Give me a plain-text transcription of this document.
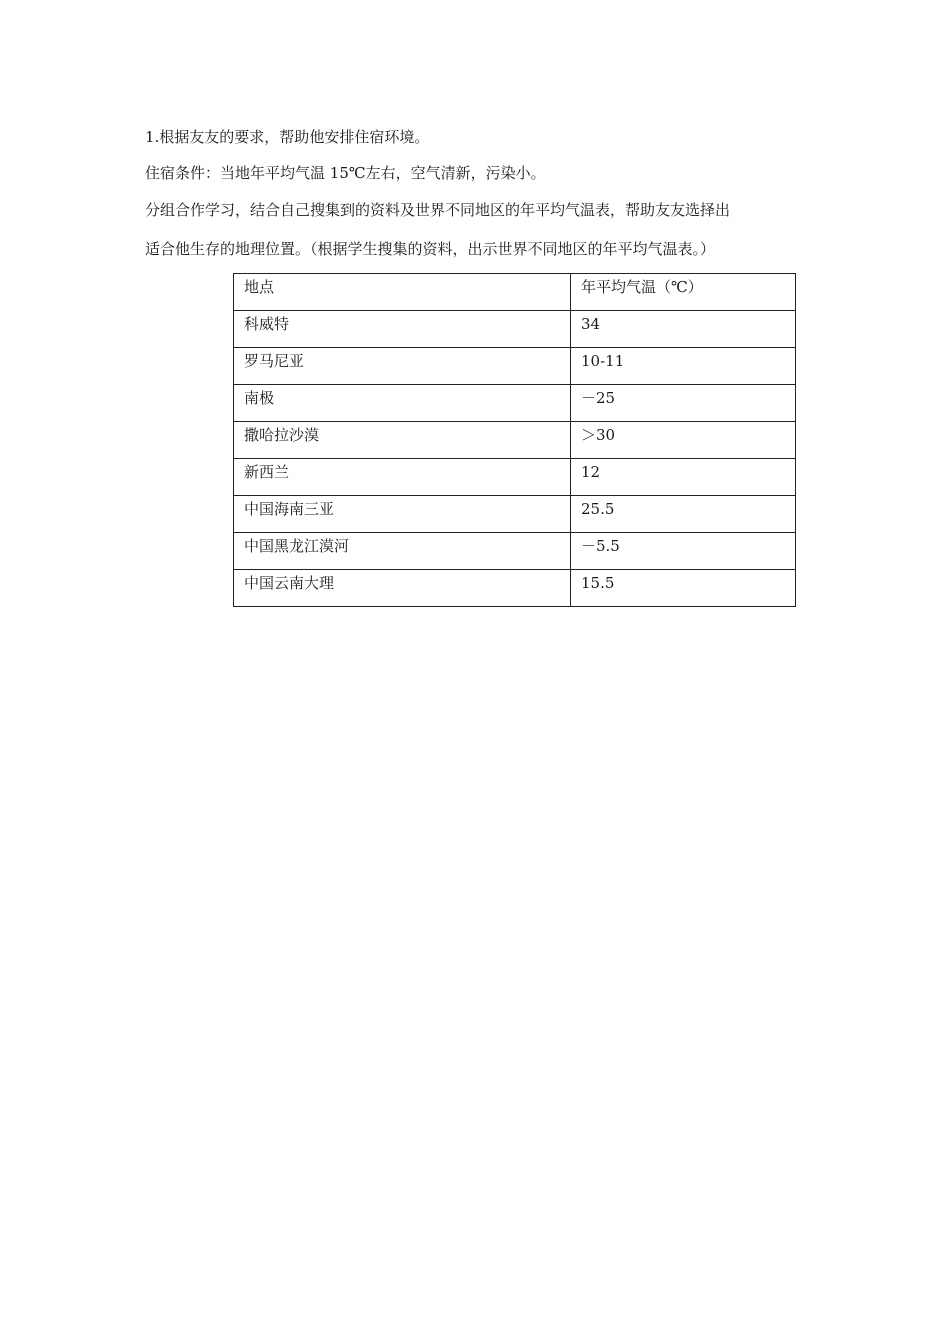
1.根据友友的要求，帮助他安排住宿环境。
住宿条件：当地年平均气温 15℃左右，空气清新，污染小。
分组合作学习，结合自己搜集到的资料及世界不同地区的年平均气温表，帮助友友选择出
适合他生存的地理位置。（根据学生搜集的资料，出示世界不同地区的年平均气温表。）
地点	年平均气温（℃）
科威特	34
罗马尼亚	10-11
南极	－25
撒哈拉沙漠	＞30
新西兰	12
中国海南三亚	25.5
中国黑龙江漠河	－5.5
中国云南大理	15.5
